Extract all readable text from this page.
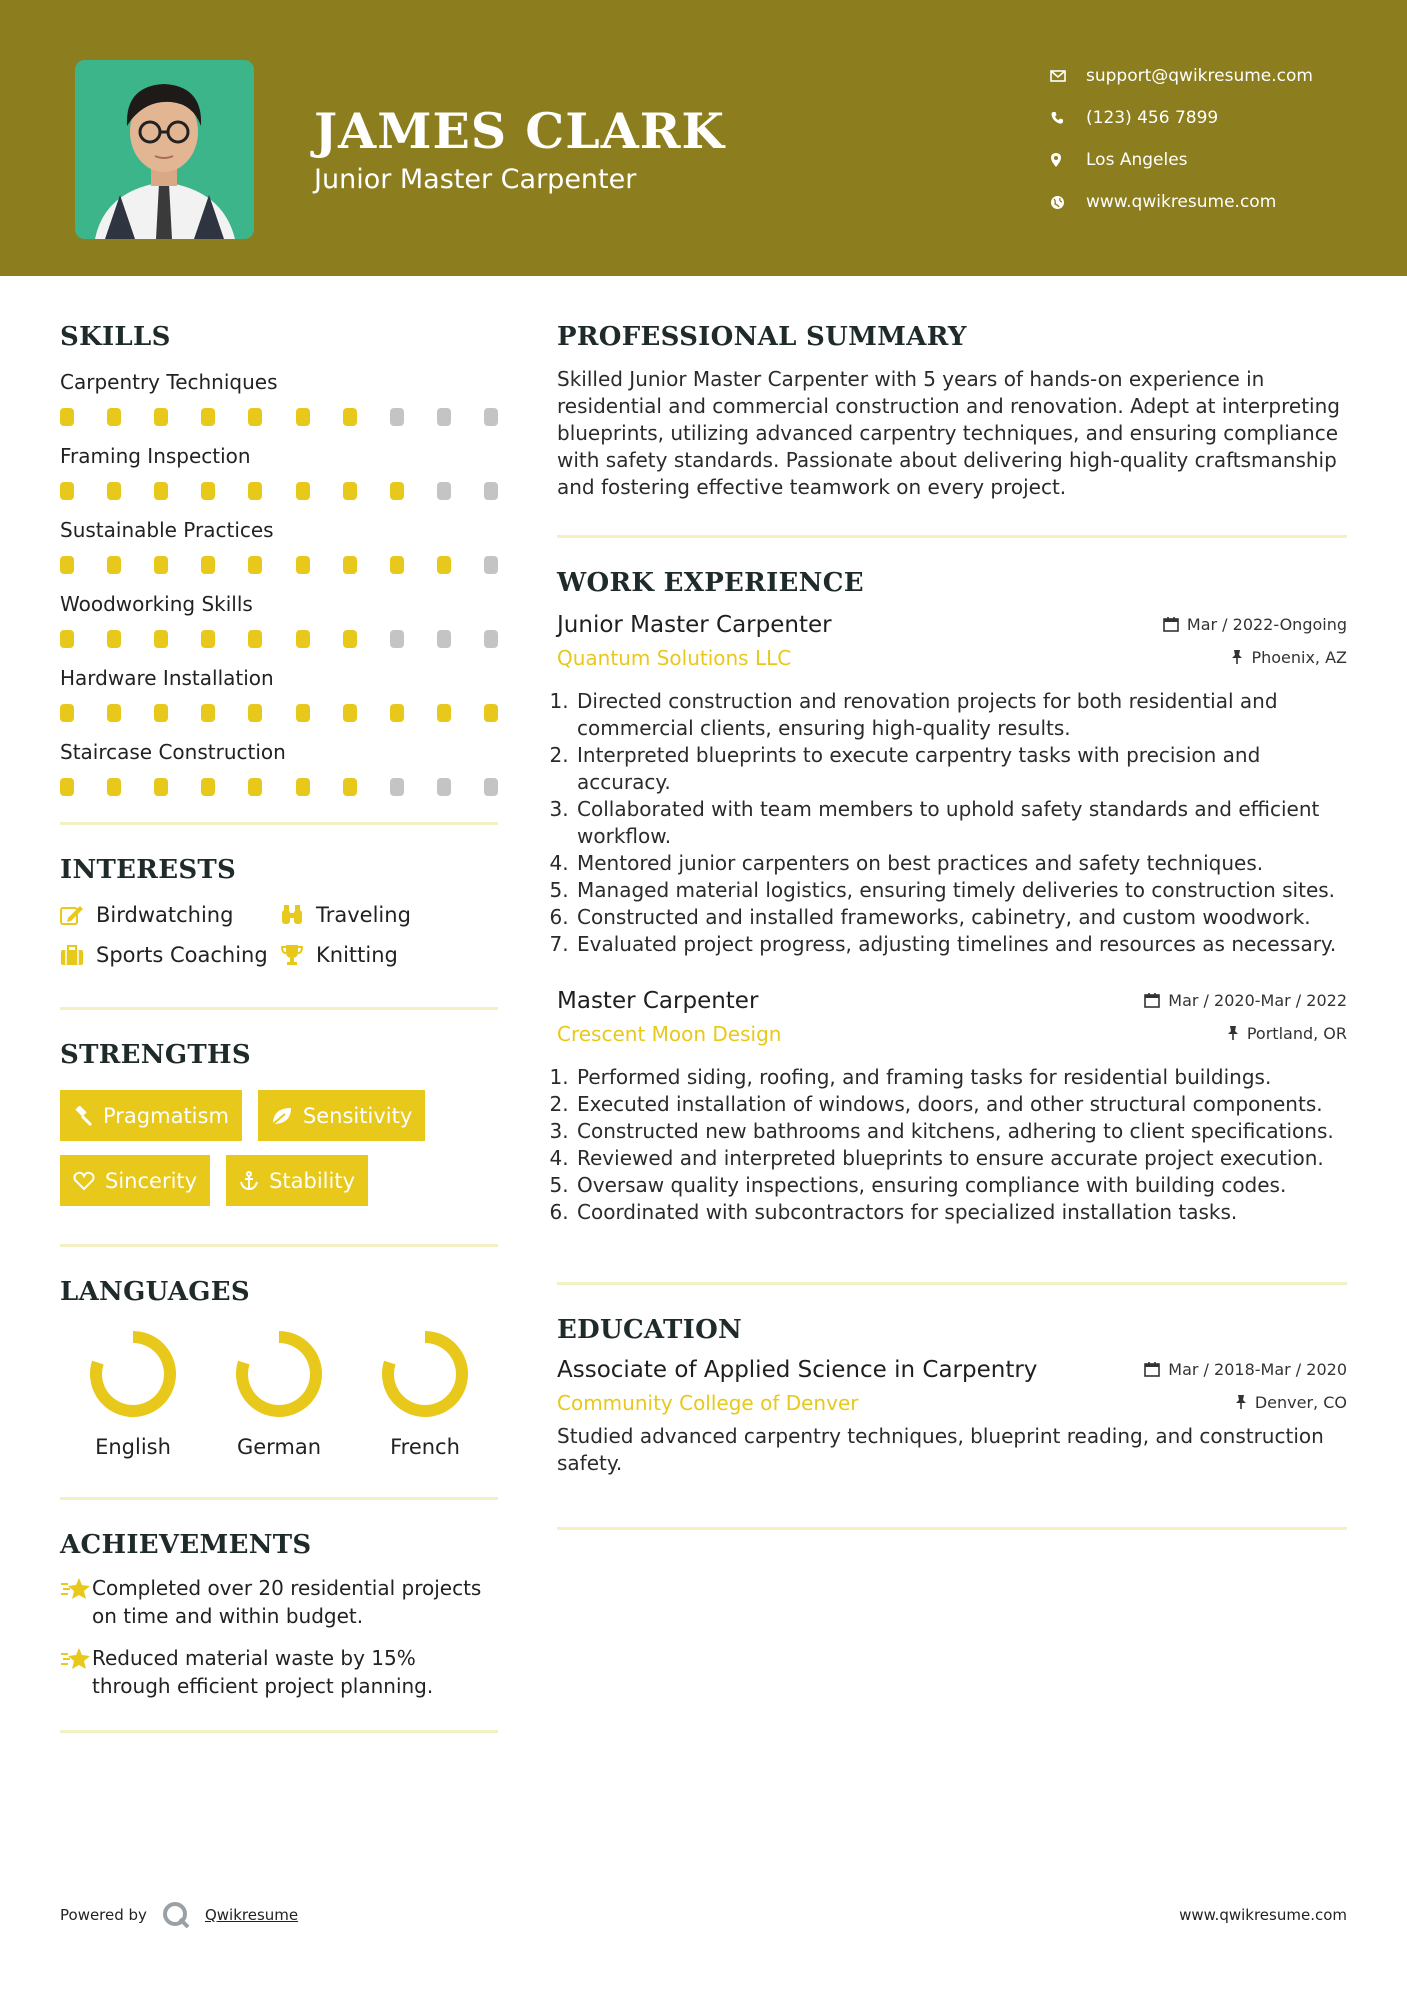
JAMES CLARK
Junior Master Carpenter
support@qwikresume.com
(123) 456 7899
Los Angeles
www.qwikresume.com
SKILLS
Carpentry Techniques
Framing Inspection
Sustainable Practices
Woodworking Skills
Hardware Installation
Staircase Construction
INTERESTS
Birdwatching	Traveling
Sports Coaching Knitting
STRENGTHS
Pragmatism	Sensitivity
Sincerity	Stability
LANGUAGES
English	German	French
ACHIEVEMENTS
Completed over 20 residential projects on time and within budget.
Reduced material waste by 15% through efficient project planning.
PROFESSIONAL SUMMARY
Skilled Junior Master Carpenter with 5 years of hands-on experience in residential and commercial construction and renovation. Adept at interpreting blueprints, utilizing advanced carpentry techniques, and ensuring compliance with safety standards. Passionate about delivering high-quality craftsmanship and fostering effective teamwork on every project.
WORK EXPERIENCE
Junior Master Carpenter	Mar / 2022-Ongoing
Quantum Solutions LLC	Phoenix, AZ
1. Directed construction and renovation projects for both residential and commercial clients, ensuring high-quality results.
2. Interpreted blueprints to execute carpentry tasks with precision and accuracy.
3. Collaborated with team members to uphold safety standards and efficient workflow.
4. Mentored junior carpenters on best practices and safety techniques.
5. Managed material logistics, ensuring timely deliveries to construction sites.
6. Constructed and installed frameworks, cabinetry, and custom woodwork.
7. Evaluated project progress, adjusting timelines and resources as necessary.
Master Carpenter	Mar / 2020-Mar / 2022
Crescent Moon Design	Portland, OR
1. Performed siding, roofing, and framing tasks for residential buildings.
2. Executed installation of windows, doors, and other structural components.
3. Constructed new bathrooms and kitchens, adhering to client specifications.
4. Reviewed and interpreted blueprints to ensure accurate project execution.
5. Oversaw quality inspections, ensuring compliance with building codes.
6. Coordinated with subcontractors for specialized installation tasks.
EDUCATION
Associate of Applied Science in Carpentry	Mar / 2018-Mar / 2020
Community College of Denver	Denver, CO
Studied advanced carpentry techniques, blueprint reading, and construction safety.
Powered by	Qwikresume	www.qwikresume.com
